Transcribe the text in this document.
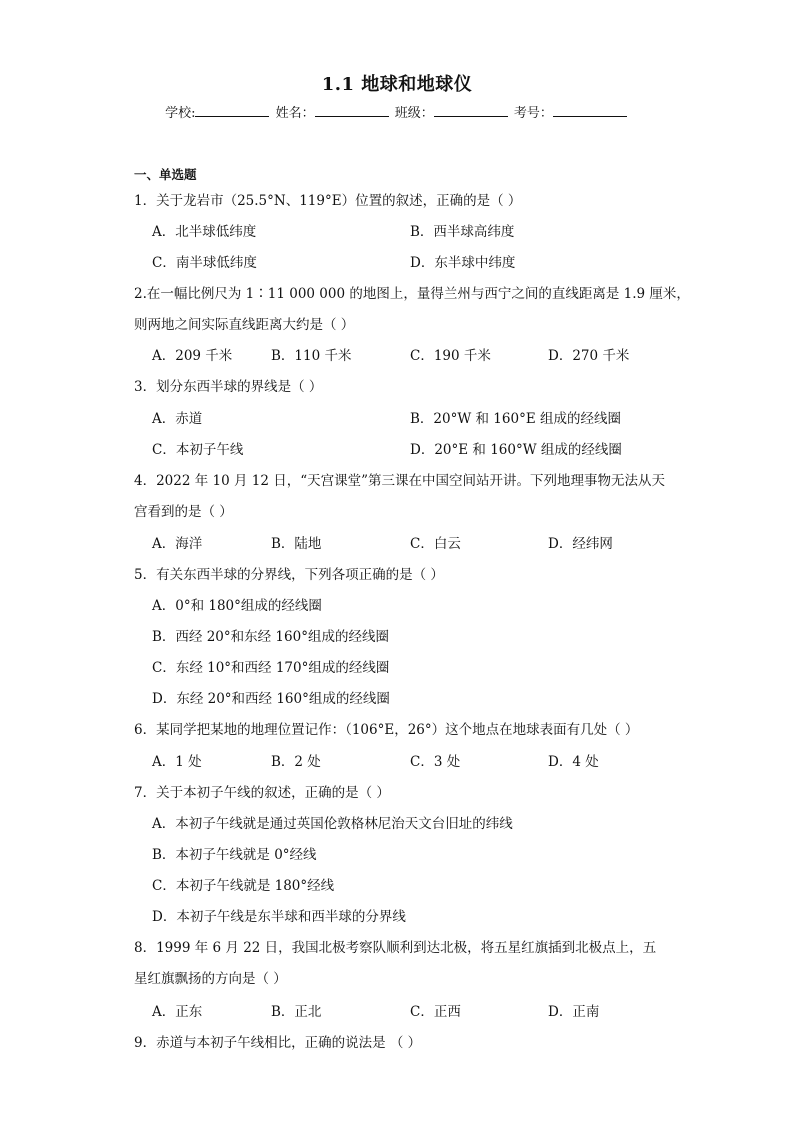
1.1 地球和地球仪
学校:	姓名：	班级：	考号：
一、单选题
1．关于龙岩市（25.5°N、119°E）位置的叙述，正确的是（ ）
A．北半球低纬度	B．西半球高纬度
C．南半球低纬度	D．东半球中纬度
2.在一幅比例尺为 1∶11 000 000 的地图上，量得兰州与西宁之间的直线距离是 1.9 厘米，
则两地之间实际直线距离大约是（ ）
A．209 千米	B．110 千米	C．190 千米	D．270 千米
3．划分东西半球的界线是（ ）
A．赤道	B．20°W 和 160°E 组成的经线圈
C．本初子午线	D．20°E 和 160°W 组成的经线圈
4．2022 年 10 月 12 日，“天宫课堂”第三课在中国空间站开讲。下列地理事物无法从天
宫看到的是（ ）
A．海洋	B．陆地	C．白云	D．经纬网
5．有关东西半球的分界线，下列各项正确的是（ ）
A．0°和 180°组成的经线圈
B．西经 20°和东经 160°组成的经线圈
C．东经 10°和西经 170°组成的经线圈
D．东经 20°和西经 160°组成的经线圈
6．某同学把某地的地理位置记作：（106°E，26°）这个地点在地球表面有几处（ ）
A．1 处	B．2 处	C．3 处	D．4 处
7．关于本初子午线的叙述，正确的是（ ）
A．本初子午线就是通过英国伦敦格林尼治天文台旧址的纬线
B．本初子午线就是 0°经线
C．本初子午线就是 180°经线
D．本初子午线是东半球和西半球的分界线
8．1999 年 6 月 22 日，我国北极考察队顺利到达北极，将五星红旗插到北极点上，五
星红旗飘扬的方向是（ ）
A．正东	B．正北	C．正西	D．正南
9．赤道与本初子午线相比，正确的说法是 （ ）
